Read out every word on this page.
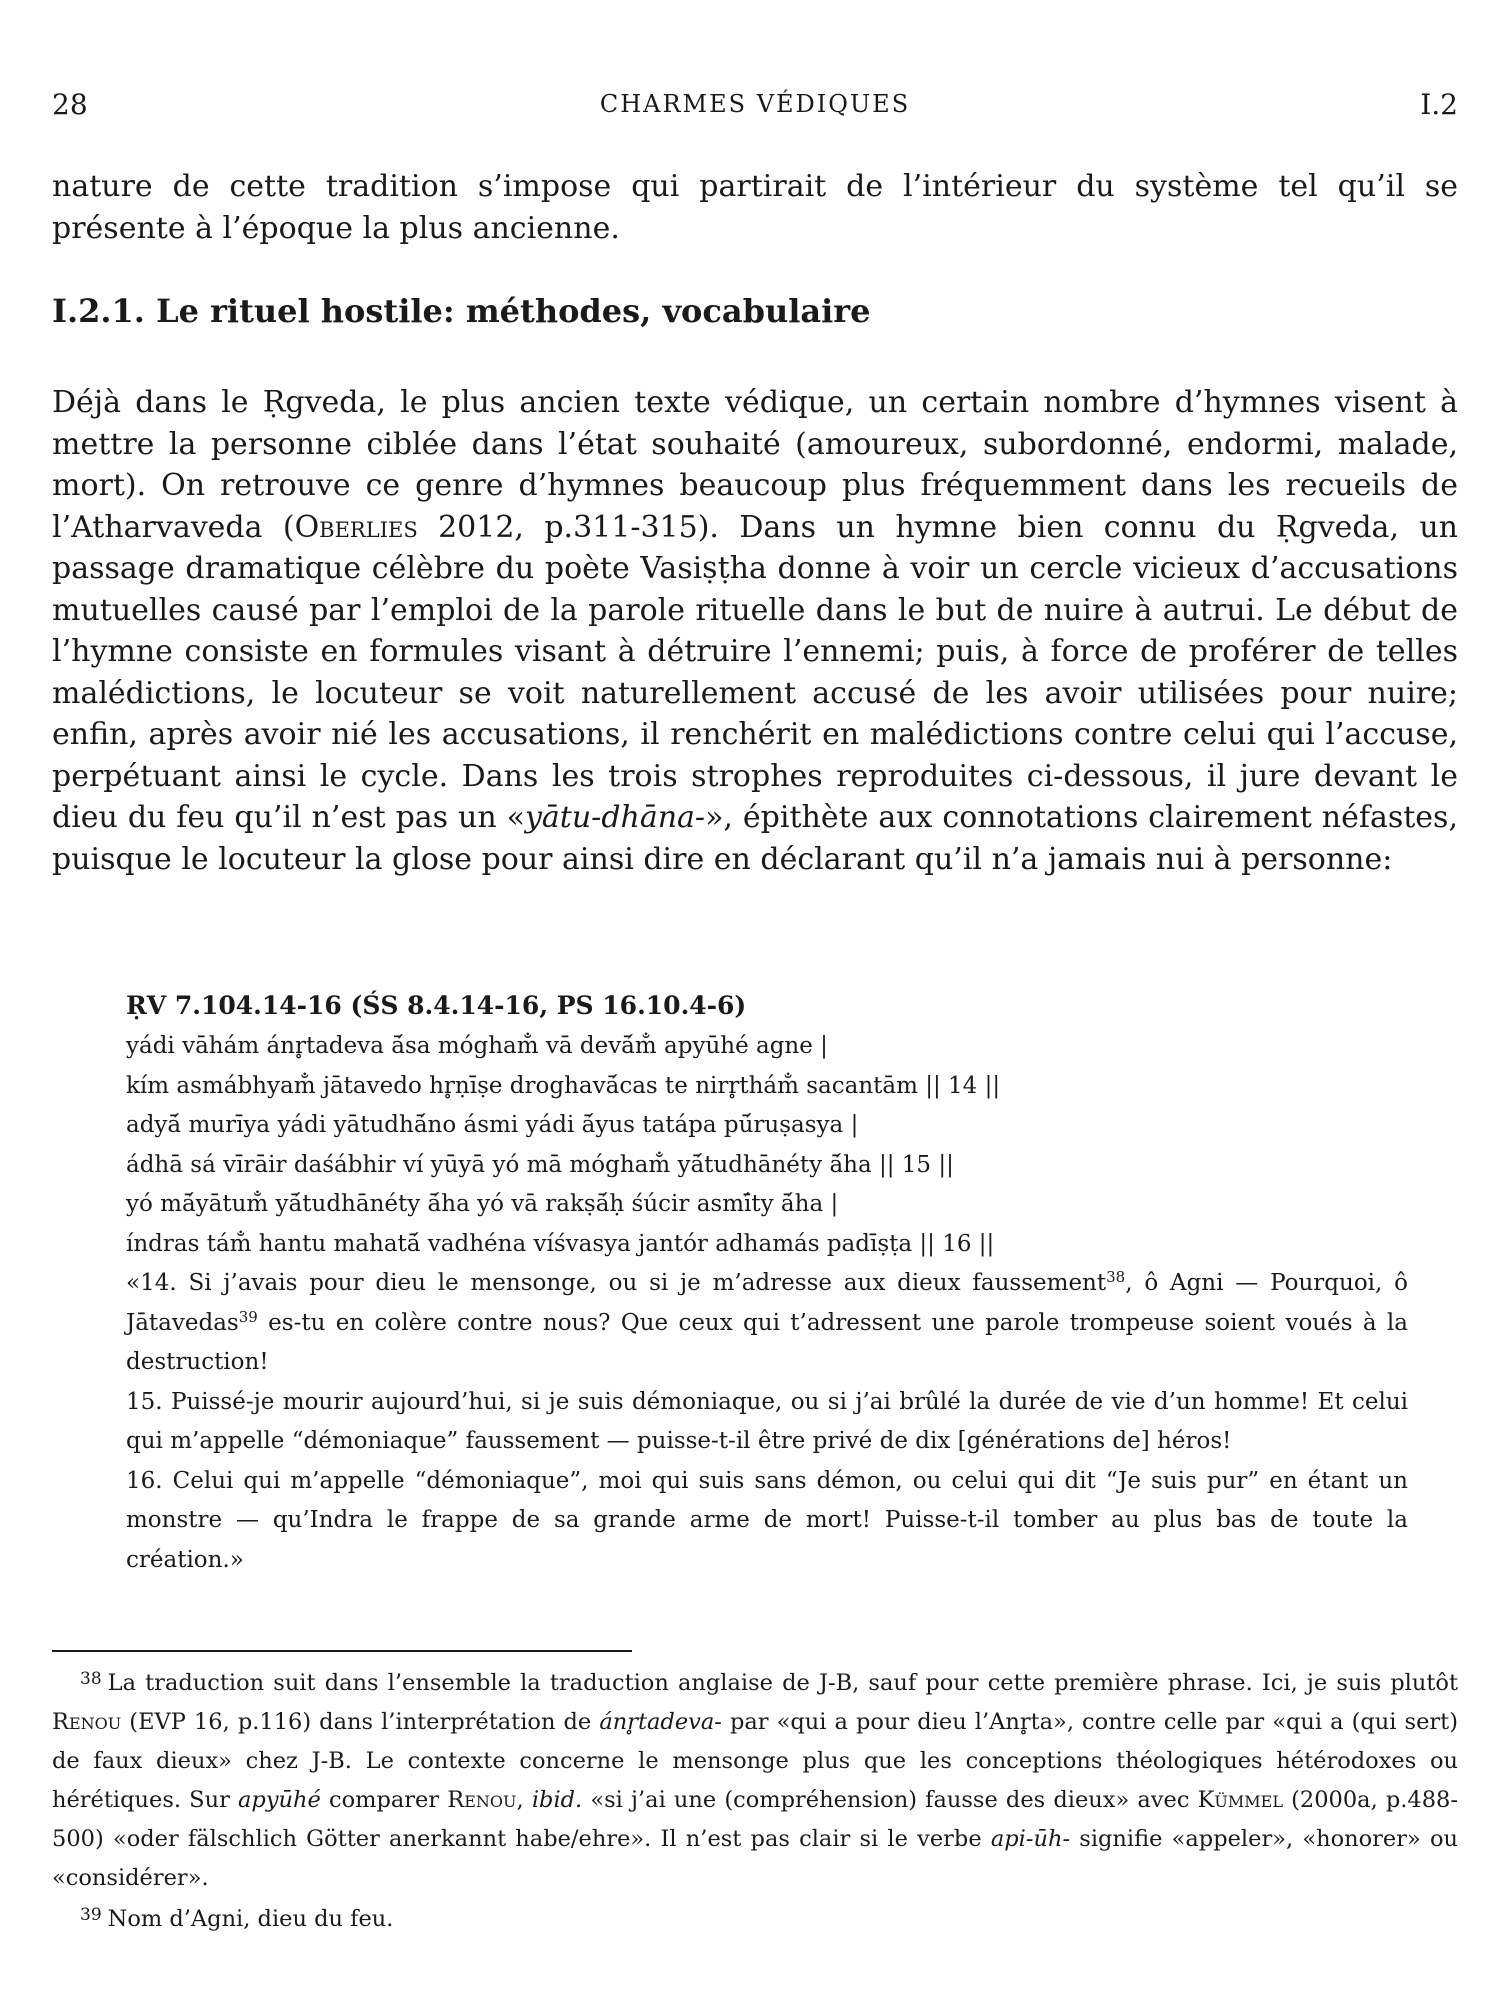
28	CHARMES VÉDIQUES	I.2

nature de cette tradition s’impose qui partirait de l’intérieur du système tel qu’il se présente à l’époque la plus ancienne.

I.2.1. Le rituel hostile: méthodes, vocabulaire

Déjà dans le Ṛgveda, le plus ancien texte védique, un certain nombre d’hymnes visent à mettre la personne ciblée dans l’état souhaité (amoureux, subordonné, endormi, malade, mort). On retrouve ce genre d’hymnes beaucoup plus fréquemment dans les recueils de l’Atharvaveda (Oberlies 2012, p.311-315). Dans un hymne bien connu du Ṛgveda, un passage dramatique célèbre du poète Vasiṣṭha donne à voir un cercle vicieux d’accusations mutuelles causé par l’emploi de la parole rituelle dans le but de nuire à autrui. Le début de l’hymne consiste en formules visant à détruire l’ennemi; puis, à force de proférer de telles malédictions, le locuteur se voit naturellement accusé de les avoir utilisées pour nuire; enfin, après avoir nié les accusations, il renchérit en malédictions contre celui qui l’accuse, perpétuant ainsi le cycle. Dans les trois strophes reproduites ci-dessous, il jure devant le dieu du feu qu’il n’est pas un «yātu-dhāna-», épithète aux connotations clairement néfastes, puisque le locuteur la glose pour ainsi dire en déclarant qu’il n’a jamais nui à personne:

ṚV 7.104.14-16 (ŚS 8.4.14-16, PS 16.10.4-6)
yádi vāhám ánr̥tadeva ā́sa mógham̐ vā devā́m̐ apyūhé agne |
kím asmábhyam̐ jātavedo hr̥ṇīṣe droghavā́cas te nirr̥thám̐ sacantām || 14 ||
adyā́ murīya yádi yātudhā́no ásmi yádi ā́yus tatápa pū́ruṣasya |
ádhā sá vīrāir daśábhir ví yūyā yó mā mógham̐ yā́tudhānéty ā́ha || 15 ||
yó mā́yātum̐ yā́tudhānéty ā́ha yó vā rakṣā́ḥ śúcir asmī́ty ā́ha |
índras tám̐ hantu mahatā́ vadhéna víśvasya jantór adhamás padīṣṭa || 16 ||
«14. Si j’avais pour dieu le mensonge, ou si je m’adresse aux dieux faussement$^{38}$, ô Agni — Pourquoi, ô Jātavedas$^{39}$ es-tu en colère contre nous? Que ceux qui t’adressent une parole trompeuse soient voués à la destruction!
15. Puissé-je mourir aujourd’hui, si je suis démoniaque, ou si j’ai brûlé la durée de vie d’un homme! Et celui qui m’appelle “démoniaque” faussement — puisse-t-il être privé de dix [générations de] héros!
16. Celui qui m’appelle “démoniaque”, moi qui suis sans démon, ou celui qui dit “Je suis pur” en étant un monstre — qu’Indra le frappe de sa grande arme de mort! Puisse-t-il tomber au plus bas de toute la création.»
$^{38}$ La traduction suit dans l’ensemble la traduction anglaise de J-B, sauf pour cette première phrase. Ici, je suis plutôt Renou (EVP 16, p.116) dans l’interprétation de ánr̥tadeva- par «qui a pour dieu l’Anr̥ta», contre celle par «qui a (qui sert) de faux dieux» chez J-B. Le contexte concerne le mensonge plus que les conceptions théologiques hétérodoxes ou hérétiques. Sur apyūhé comparer Renou, ibid. «si j’ai une (compréhension) fausse des dieux» avec Kümmel (2000a, p.488-500) «oder fälschlich Götter anerkannt habe/ehre». Il n’est pas clair si le verbe api-ūh- signifie «appeler», «honorer» ou «considérer».
$^{39}$ Nom d’Agni, dieu du feu.
